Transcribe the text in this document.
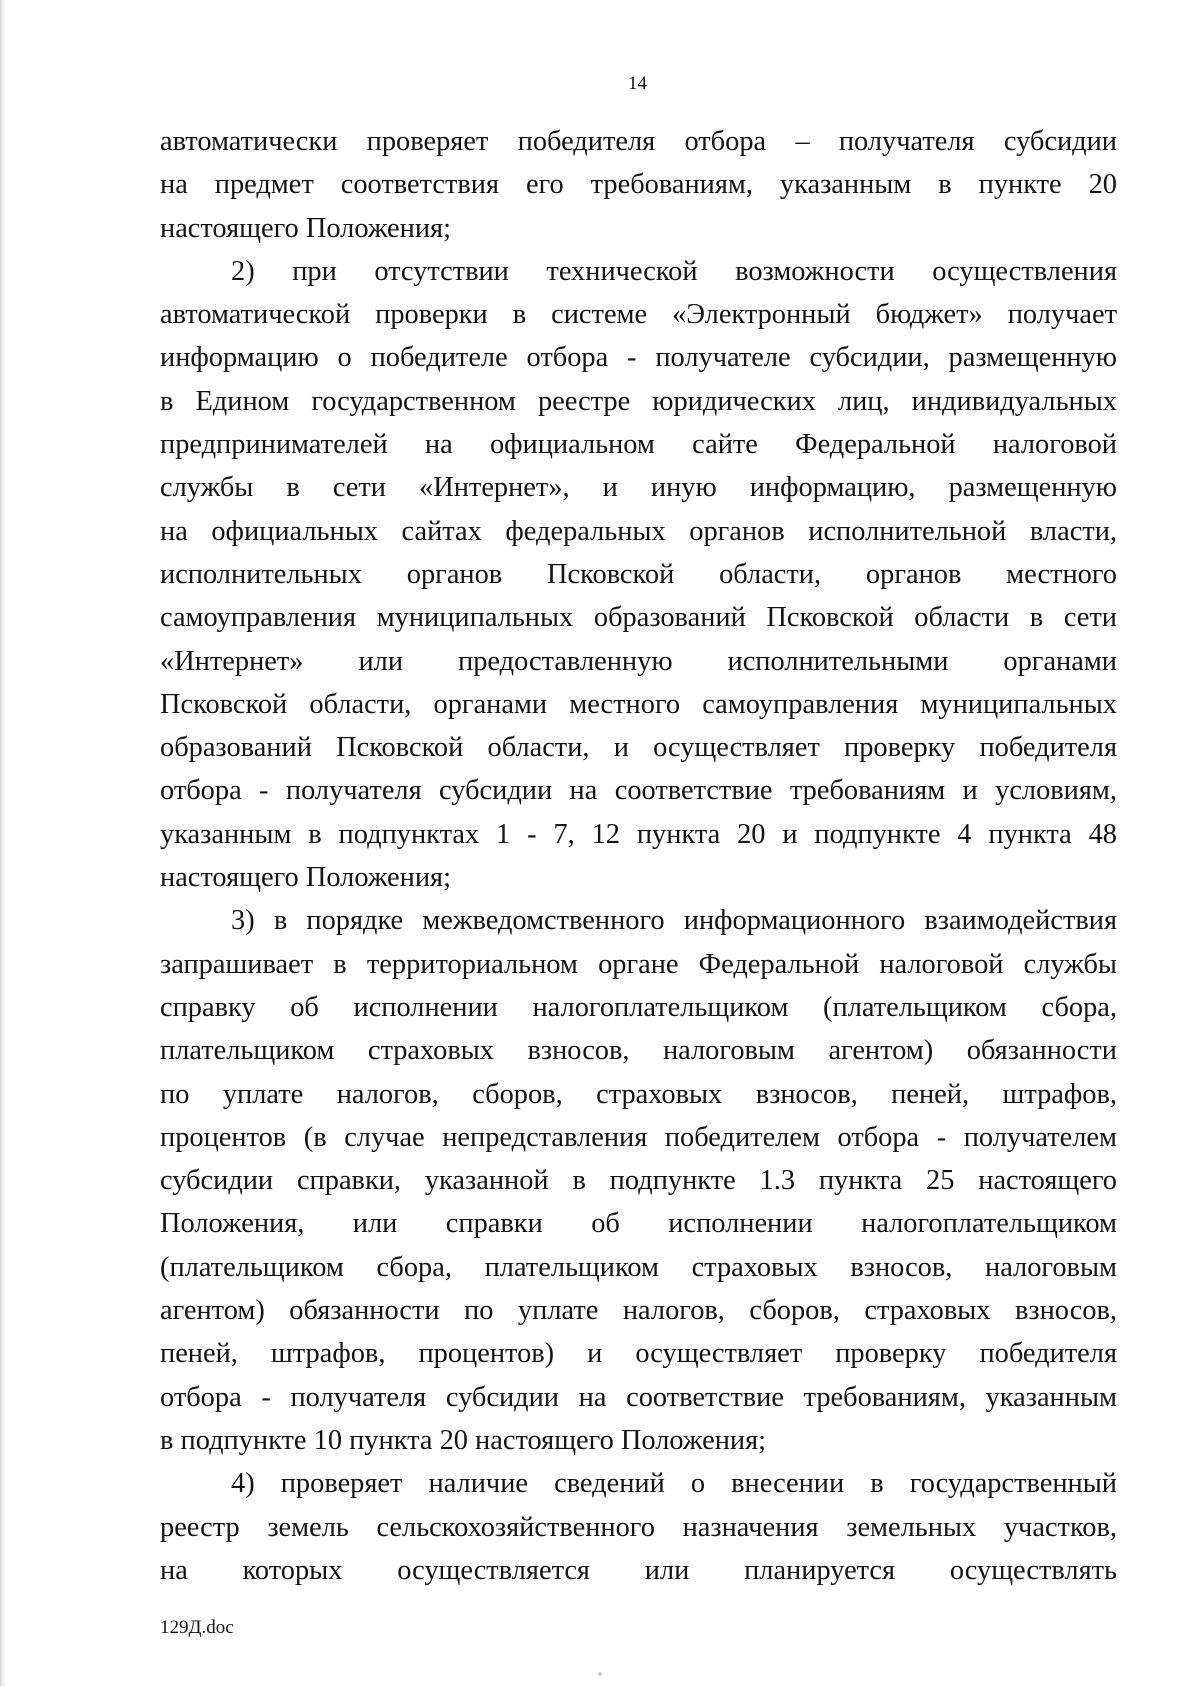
14
автоматически проверяет победителя отбора – получателя субсидии
на предмет соответствия его требованиям, указанным в пункте 20
настоящего Положения;
2) при отсутствии технической возможности осуществления
автоматической проверки в системе «Электронный бюджет» получает
информацию о победителе отбора - получателе субсидии, размещенную
в Едином государственном реестре юридических лиц, индивидуальных
предпринимателей на официальном сайте Федеральной налоговой
службы в сети «Интернет», и иную информацию, размещенную
на официальных сайтах федеральных органов исполнительной власти,
исполнительных органов Псковской области, органов местного
самоуправления муниципальных образований Псковской области в сети
«Интернет» или предоставленную исполнительными органами
Псковской области, органами местного самоуправления муниципальных
образований Псковской области, и осуществляет проверку победителя
отбора - получателя субсидии на соответствие требованиям и условиям,
указанным в подпунктах 1 - 7, 12 пункта 20 и подпункте 4 пункта 48
настоящего Положения;
3) в порядке межведомственного информационного взаимодействия
запрашивает в территориальном органе Федеральной налоговой службы
справку об исполнении налогоплательщиком (плательщиком сбора,
плательщиком страховых взносов, налоговым агентом) обязанности
по уплате налогов, сборов, страховых взносов, пеней, штрафов,
процентов (в случае непредставления победителем отбора - получателем
субсидии справки, указанной в подпункте 1.3 пункта 25 настоящего
Положения, или справки об исполнении налогоплательщиком
(плательщиком сбора, плательщиком страховых взносов, налоговым
агентом) обязанности по уплате налогов, сборов, страховых взносов,
пеней, штрафов, процентов) и осуществляет проверку победителя
отбора - получателя субсидии на соответствие требованиям, указанным
в подпункте 10 пункта 20 настоящего Положения;
4) проверяет наличие сведений о внесении в государственный
реестр земель сельскохозяйственного назначения земельных участков,
на которых осуществляется или планируется осуществлять
129Д.doc
